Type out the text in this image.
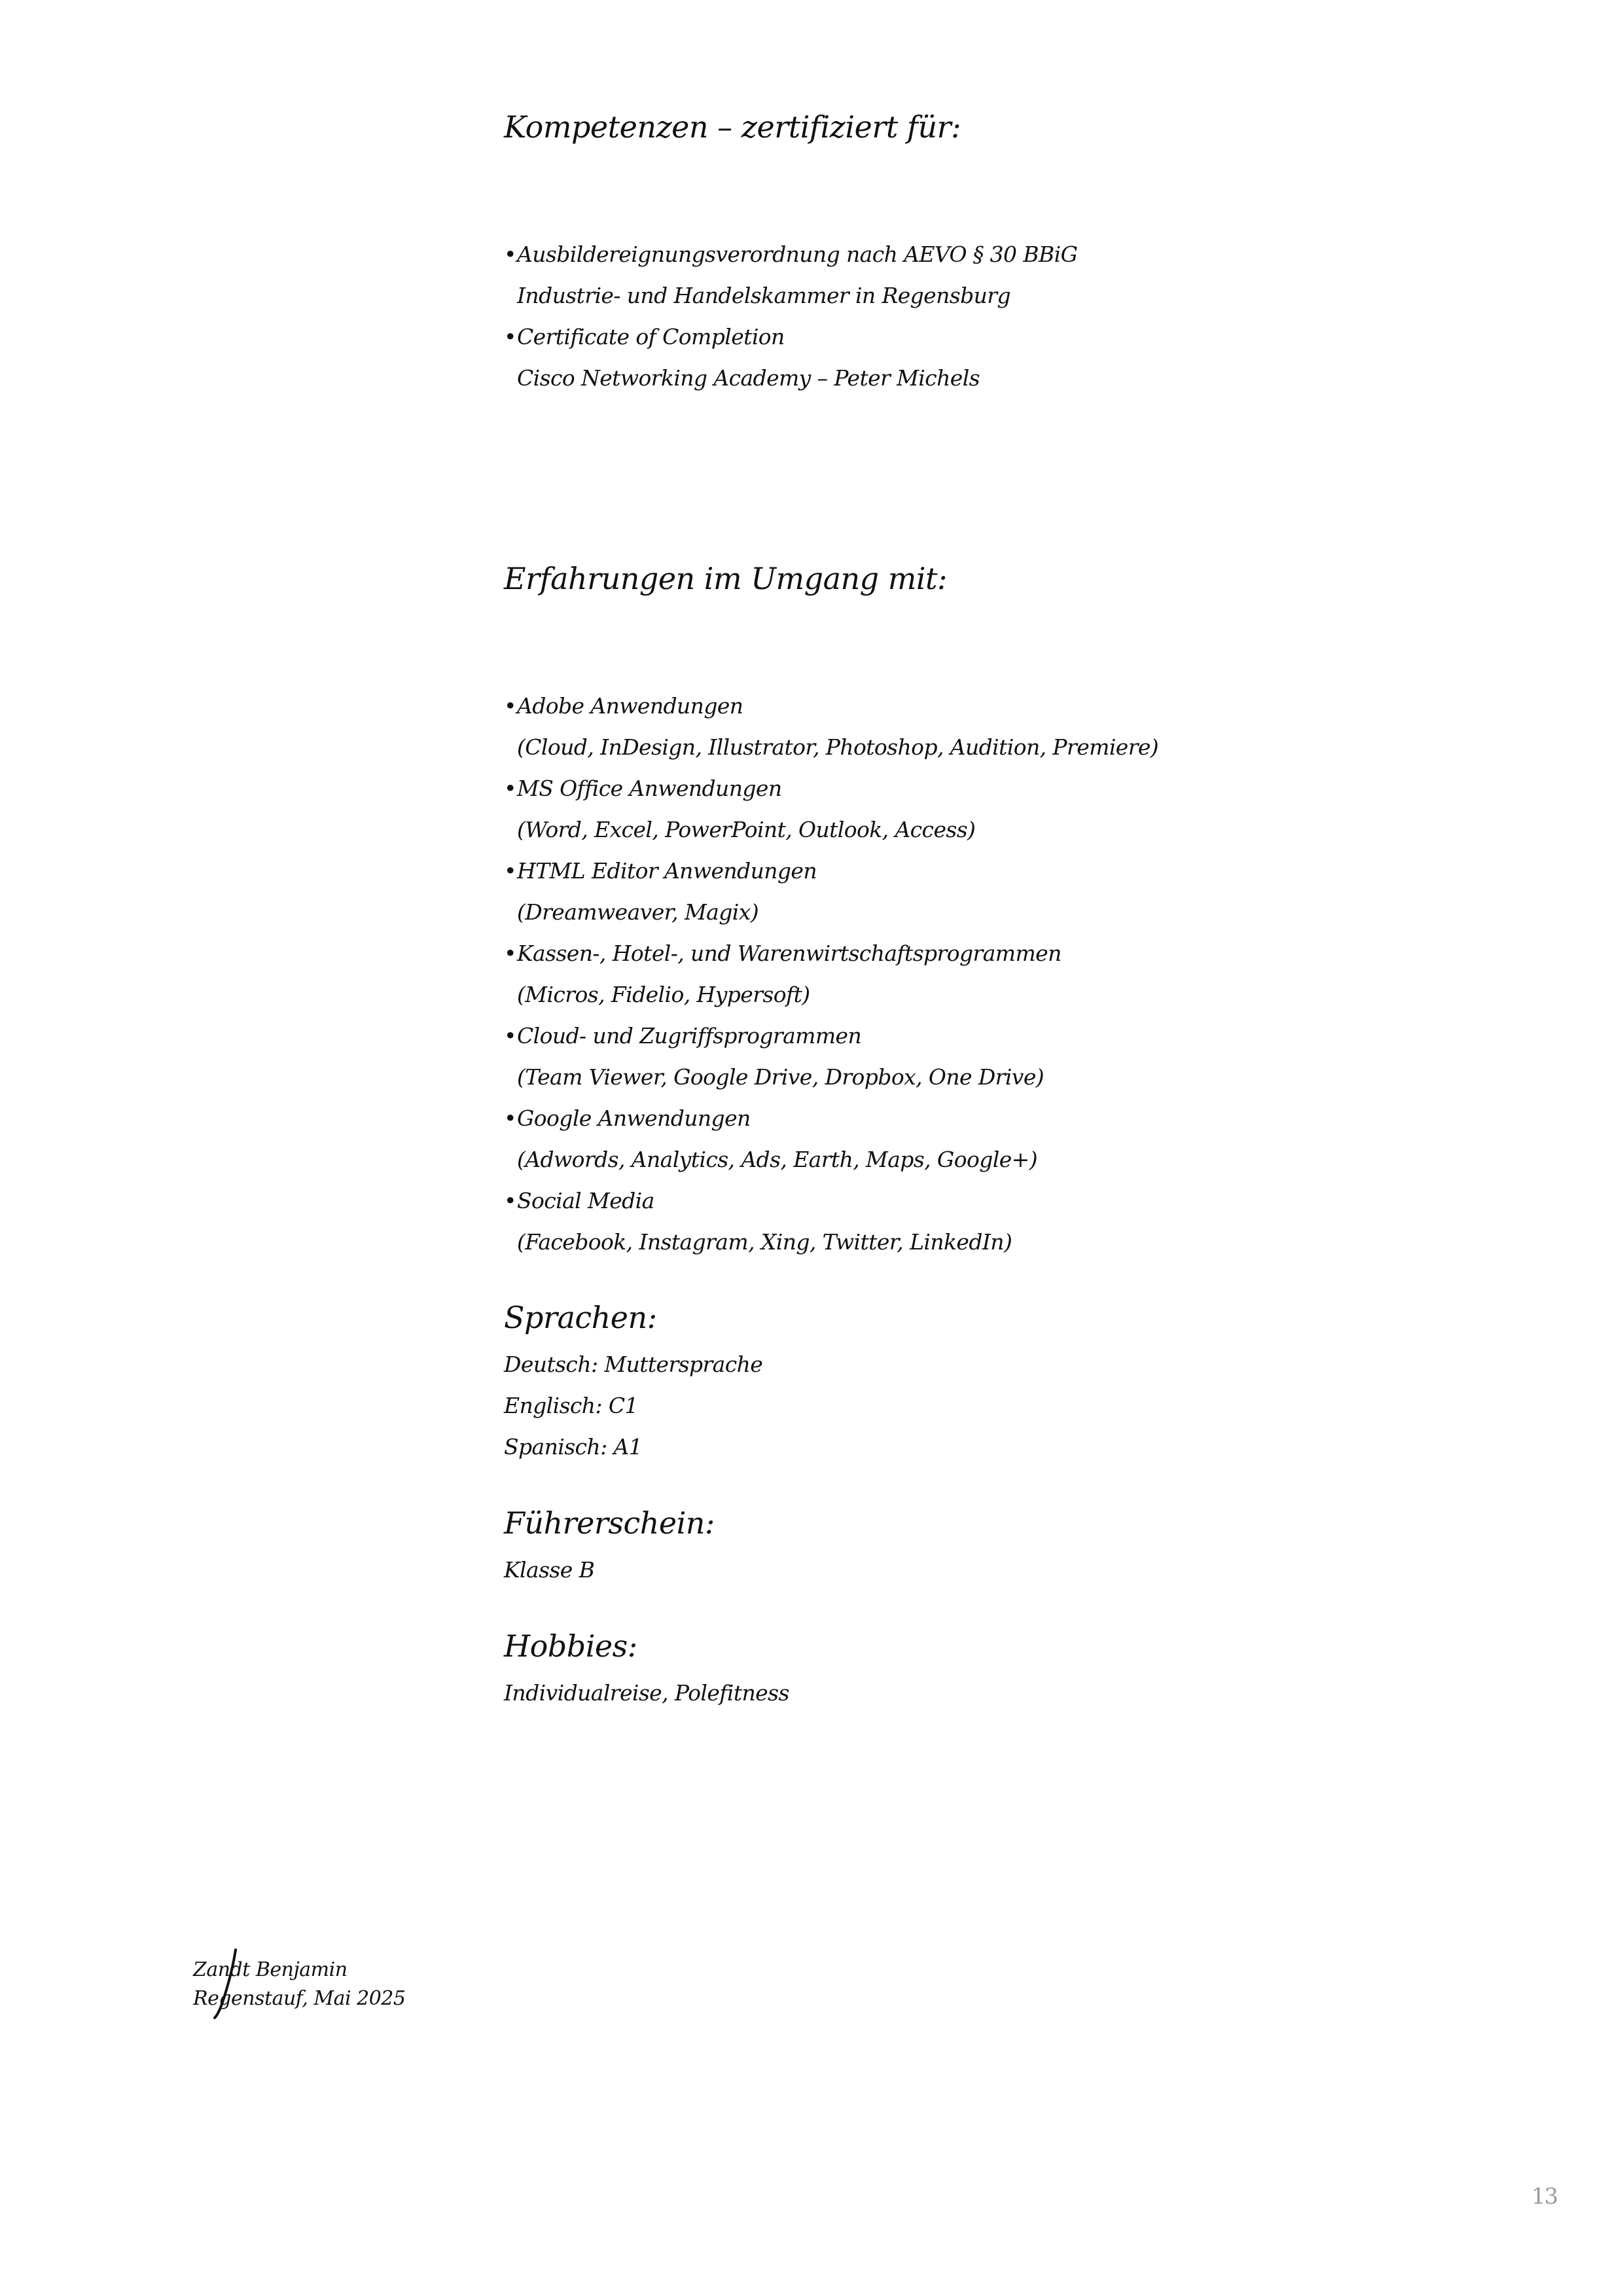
Kompetenzen – zertifiziert für:
• Ausbildereignungsverordnung nach AEVO § 30 BBiG
Industrie- und Handelskammer in Regensburg
• Certificate of Completion
Cisco Networking Academy – Peter Michels
Erfahrungen im Umgang mit:
• Adobe Anwendungen
(Cloud, InDesign, Illustrator, Photoshop, Audition, Premiere)
• MS Office Anwendungen
(Word, Excel, PowerPoint, Outlook, Access)
• HTML Editor Anwendungen
(Dreamweaver, Magix)
• Kassen-, Hotel-, und Warenwirtschaftsprogrammen
(Micros, Fidelio, Hypersoft)
• Cloud- und Zugriffsprogrammen
(Team Viewer, Google Drive, Dropbox, One Drive)
• Google Anwendungen
(Adwords, Analytics, Ads, Earth, Maps, Google+)
• Social Media
(Facebook, Instagram, Xing, Twitter, LinkedIn)
Sprachen:
Deutsch: Muttersprache
Englisch: C1
Spanisch: A1
Führerschein:
Klasse B
Hobbies:
Individualreise, Polefitness
Zandt Benjamin
Regenstauf, Mai 2025
13
